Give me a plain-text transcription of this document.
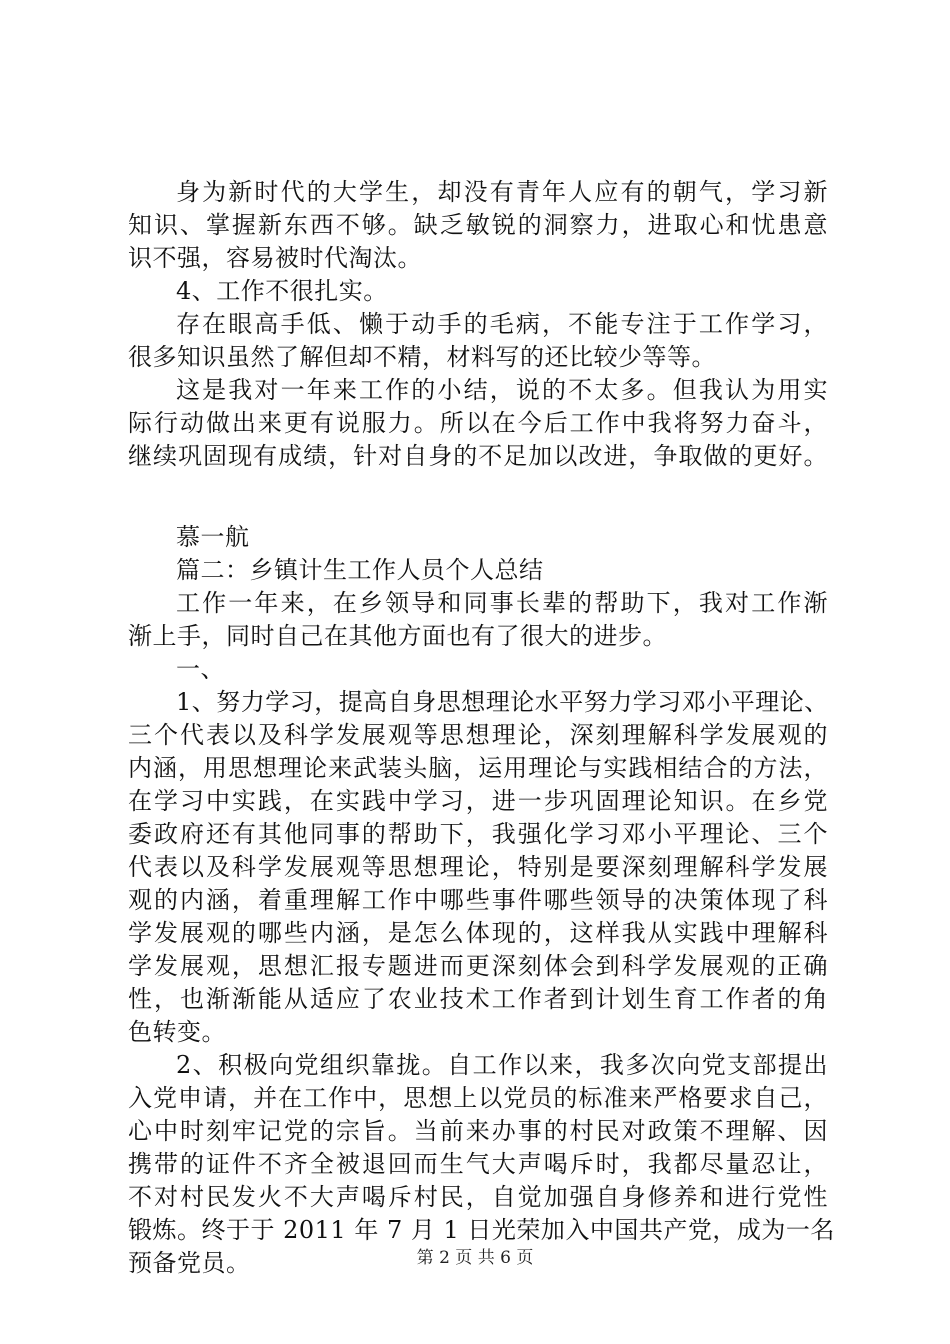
身为新时代的大学生，却没有青年人应有的朝气，学习新
知识、掌握新东西不够。缺乏敏锐的洞察力，进取心和忧患意
识不强，容易被时代淘汰。
4、工作不很扎实。
存在眼高手低、懒于动手的毛病，不能专注于工作学习，
很多知识虽然了解但却不精，材料写的还比较少等等。
这是我对一年来工作的小结，说的不太多。但我认为用实
际行动做出来更有说服力。所以在今后工作中我将努力奋斗，
继续巩固现有成绩，针对自身的不足加以改进，争取做的更好。
慕一航
篇二：乡镇计生工作人员个人总结
工作一年来，在乡领导和同事长辈的帮助下，我对工作渐
渐上手，同时自己在其他方面也有了很大的进步。
一、
1、努力学习，提高自身思想理论水平努力学习邓小平理论、
三个代表以及科学发展观等思想理论，深刻理解科学发展观的
内涵，用思想理论来武装头脑，运用理论与实践相结合的方法，
在学习中实践，在实践中学习，进一步巩固理论知识。在乡党
委政府还有其他同事的帮助下，我强化学习邓小平理论、三个
代表以及科学发展观等思想理论，特别是要深刻理解科学发展
观的内涵，着重理解工作中哪些事件哪些领导的决策体现了科
学发展观的哪些内涵，是怎么体现的，这样我从实践中理解科
学发展观，思想汇报专题进而更深刻体会到科学发展观的正确
性，也渐渐能从适应了农业技术工作者到计划生育工作者的角
色转变。
2、积极向党组织靠拢。自工作以来，我多次向党支部提出
入党申请，并在工作中，思想上以党员的标准来严格要求自己，
心中时刻牢记党的宗旨。当前来办事的村民对政策不理解、因
携带的证件不齐全被退回而生气大声喝斥时，我都尽量忍让，
不对村民发火不大声喝斥村民，自觉加强自身修养和进行党性
锻炼。终于于 2011 年 7 月 1 日光荣加入中国共产党，成为一名
预备党员。	第 2 页 共 6 页
